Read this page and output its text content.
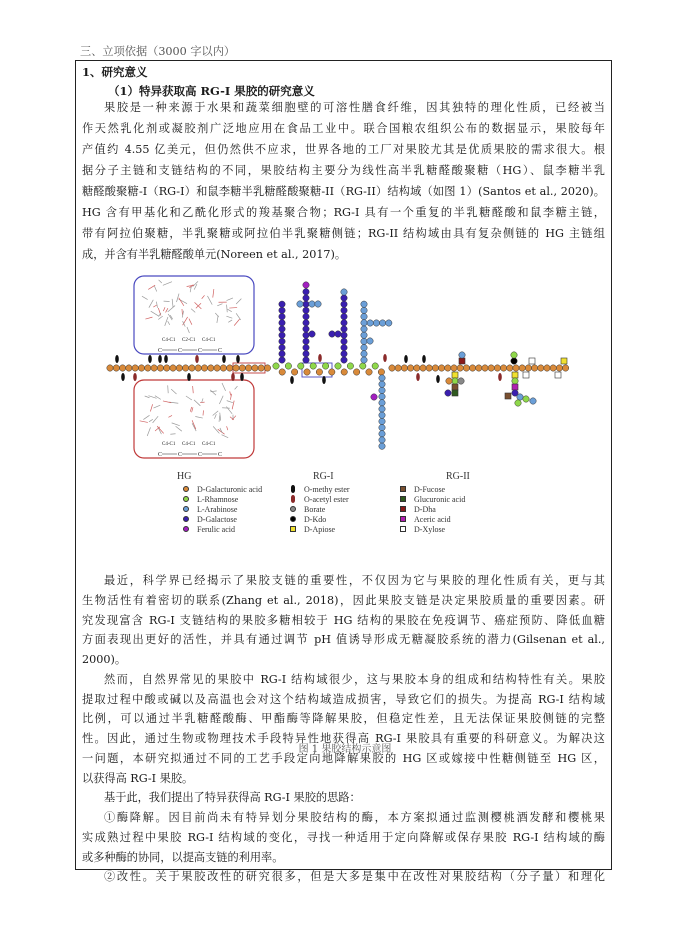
三、立项依据（3000 字以内）
1、研究意义
（1）特异获取高 RG-I 果胶的研究意义
果胶是一种来源于水果和蔬菜细胞壁的可溶性膳食纤维，因其独特的理化性质，已经被当
作天然乳化剂或凝胶剂广泛地应用在食品工业中。联合国粮农组织公布的数据显示，果胶每年
产值约 4.55 亿美元，但仍然供不应求，世界各地的工厂对果胶尤其是优质果胶的需求很大。根
据分子主链和支链结构的不同，果胶结构主要分为线性高半乳糖醛酸聚糖（HG）、鼠李糖半乳
糖醛酸聚糖-I（RG-I）和鼠李糖半乳糖醛酸聚糖-II（RG-II）结构域（如图 1）(Santos et al., 2020)。
HG 含有甲基化和乙酰化形式的羧基聚合物；RG-I 具有一个重复的半乳糖醛酸和鼠李糖主链，
带有阿拉伯聚糖，半乳聚糖或阿拉伯半乳聚糖侧链；RG-II 结构域由具有复杂侧链的 HG 主链组
成，并含有半乳糖醛酸单元(Noreen et al., 2017)。
C4-C1 C2-C1 C4-C1
C	C	C	C
C4-C1 C4-C1 C4-C1
C	C	C	C
HG	RG-I	RG-II
D-Galacturonic acid
L-Rhamnose
L-Arabinose
D-Galactose
Ferulic acid
O-methy ester
O-acetyl ester
Borate
D-Kdo
D-Apiose
D-Fucose
Glucuronic acid
D-Dha
Aceric acid
D-Xylose
图 1 果胶结构示意图
最近，科学界已经揭示了果胶支链的重要性，不仅因为它与果胶的理化性质有关，更与其
生物活性有着密切的联系(Zhang et al., 2018)，因此果胶支链是决定果胶质量的重要因素。研
究发现富含 RG-I 支链结构的果胶多糖相较于 HG 结构的果胶在免疫调节、癌症预防、降低血糖
方面表现出更好的活性，并具有通过调节 pH 值诱导形成无糖凝胶系统的潜力(Gilsenan et al.,
2000)。
然而，自然界常见的果胶中 RG-I 结构域很少，这与果胶本身的组成和结构特性有关。果胶
提取过程中酸或碱以及高温也会对这个结构域造成损害，导致它们的损失。为提高 RG-I 结构域
比例，可以通过半乳糖醛酸酶、甲酯酶等降解果胶，但稳定性差，且无法保证果胶侧链的完整
性。因此，通过生物或物理技术手段特异性地获得高 RG-I 果胶具有重要的科研意义。为解决这
一问题，本研究拟通过不同的工艺手段定向地降解果胶的 HG 区或嫁接中性糖侧链至 HG 区，
以获得高 RG-I 果胶。
基于此，我们提出了特异获得高 RG-I 果胶的思路：
①酶降解。因目前尚未有特异划分果胶结构的酶，本方案拟通过监测樱桃酒发酵和樱桃果
实成熟过程中果胶 RG-I 结构域的变化，寻找一种适用于定向降解或保存果胶 RG-I 结构域的酶
或多种酶的协同，以提高支链的利用率。
②改性。关于果胶改性的研究很多，但是大多是集中在改性对果胶结构（分子量）和理化
